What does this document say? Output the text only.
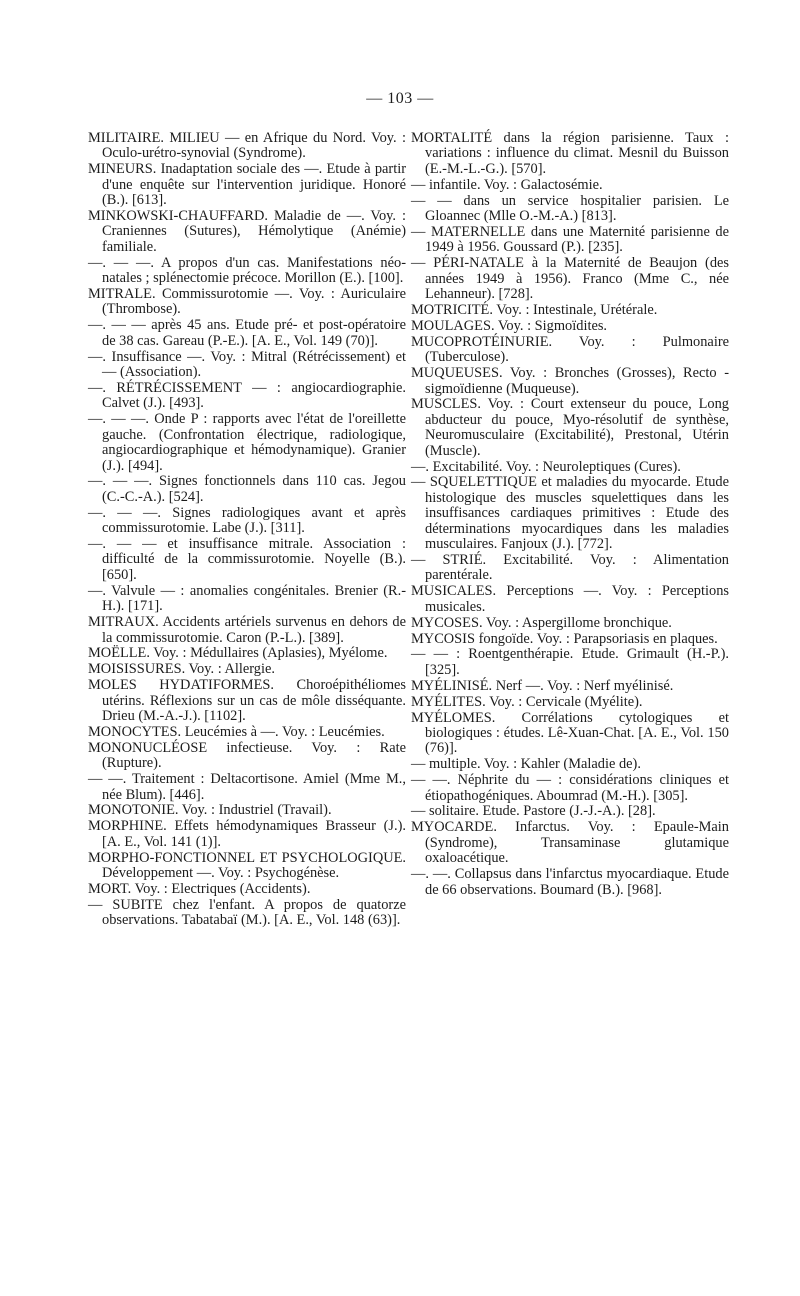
— 103 —

MILITAIRE. MILIEU — en Afrique du Nord. Voy. : Oculo-urétro-synovial (Syndrome).

MINEURS. Inadaptation sociale des —. Etude à partir d'une enquête sur l'intervention juridique. Honoré (B.). [613].

MINKOWSKI-CHAUFFARD. Maladie de —. Voy. : Craniennes (Sutures), Hémolytique (Anémie) familiale.

—. — —. A propos d'un cas. Manifestations néo-natales ; splénectomie précoce. Morillon (E.). [100].

MITRALE. Commissurotomie —. Voy. : Auriculaire (Thrombose).

—. — — après 45 ans. Etude pré- et post-opératoire de 38 cas. Gareau (P.-E.). [A. E., Vol. 149 (70)].

—. Insuffisance —. Voy. : Mitral (Rétrécissement) et — (Association).

—. RÉTRÉCISSEMENT — : angiocardiographie. Calvet (J.). [493].

—. — —. Onde P : rapports avec l'état de l'oreillette gauche. (Confrontation électrique, radiologique, angiocardiographique et hémodynamique). Granier (J.). [494].

—. — —. Signes fonctionnels dans 110 cas. Jegou (C.-C.-A.). [524].

—. — —. Signes radiologiques avant et après commissurotomie. Labe (J.). [311].

—. — — et insuffisance mitrale. Association : difficulté de la commissurotomie. Noyelle (B.). [650].

—. Valvule — : anomalies congénitales. Brenier (R.-H.). [171].

MITRAUX. Accidents artériels survenus en dehors de la commissurotomie. Caron (P.-L.). [389].

MOËLLE. Voy. : Médullaires (Aplasies), Myélome.

MOISISSURES. Voy. : Allergie.

MOLES HYDATIFORMES. Choroépithéliomes utérins. Réflexions sur un cas de môle disséquante. Drieu (M.-A.-J.). [1102].

MONOCYTES. Leucémies à —. Voy. : Leucémies.

MONONUCLÉOSE infectieuse. Voy. : Rate (Rupture).

— —. Traitement : Deltacortisone. Amiel (Mme M., née Blum). [446].

MONOTONIE. Voy. : Industriel (Travail).

MORPHINE. Effets hémodynamiques Brasseur (J.). [A. E., Vol. 141 (1)].

MORPHO-FONCTIONNEL ET PSYCHOLOGIQUE. Développement —. Voy. : Psychogénèse.

MORT. Voy. : Electriques (Accidents).

— SUBITE chez l'enfant. A propos de quatorze observations. Tabatabaï (M.). [A. E., Vol. 148 (63)].

MORTALITÉ dans la région parisienne. Taux : variations : influence du climat. Mesnil du Buisson (E.-M.-L.-G.). [570].

— infantile. Voy. : Galactosémie.

— — dans un service hospitalier parisien. Le Gloannec (Mlle O.-M.-A.) [813].

— MATERNELLE dans une Maternité parisienne de 1949 à 1956. Goussard (P.). [235].

— PÉRI-NATALE à la Maternité de Beaujon (des années 1949 à 1956). Franco (Mme C., née Lehanneur). [728].

MOTRICITÉ. Voy. : Intestinale, Urétérale.

MOULAGES. Voy. : Sigmoïdites.

MUCOPROTÉINURIE. Voy. : Pulmonaire (Tuberculose).

MUQUEUSES. Voy. : Bronches (Grosses), Recto - sigmoïdienne (Muqueuse).

MUSCLES. Voy. : Court extenseur du pouce, Long abducteur du pouce, Myo-résolutif de synthèse, Neuromusculaire (Excitabilité), Prestonal, Utérin (Muscle).

—. Excitabilité. Voy. : Neuroleptiques (Cures).

— SQUELETTIQUE et maladies du myocarde. Etude histologique des muscles squelettiques dans les insuffisances cardiaques primitives : Etude des déterminations myocardiques dans les maladies musculaires. Fanjoux (J.). [772].

— STRIÉ. Excitabilité. Voy. : Alimentation parentérale.

MUSICALES. Perceptions —. Voy. : Perceptions musicales.

MYCOSES. Voy. : Aspergillome bronchique.

MYCOSIS fongoïde. Voy. : Parapsoriasis en plaques.

— — : Roentgenthérapie. Etude. Grimault (H.-P.). [325].

MYÉLINISÉ. Nerf —. Voy. : Nerf myélinisé.

MYÉLITES. Voy. : Cervicale (Myélite).

MYÉLOMES. Corrélations cytologiques et biologiques : études. Lê-Xuan-Chat. [A. E., Vol. 150 (76)].

— multiple. Voy. : Kahler (Maladie de).

— —. Néphrite du — : considérations cliniques et étiopathogéniques. Aboumrad (M.-H.). [305].

— solitaire. Etude. Pastore (J.-J.-A.). [28].

MYOCARDE. Infarctus. Voy. : Epaule-Main (Syndrome), Transaminase glutamique oxaloacétique.

—. —. Collapsus dans l'infarctus myocardiaque. Etude de 66 observations. Boumard (B.). [968].
